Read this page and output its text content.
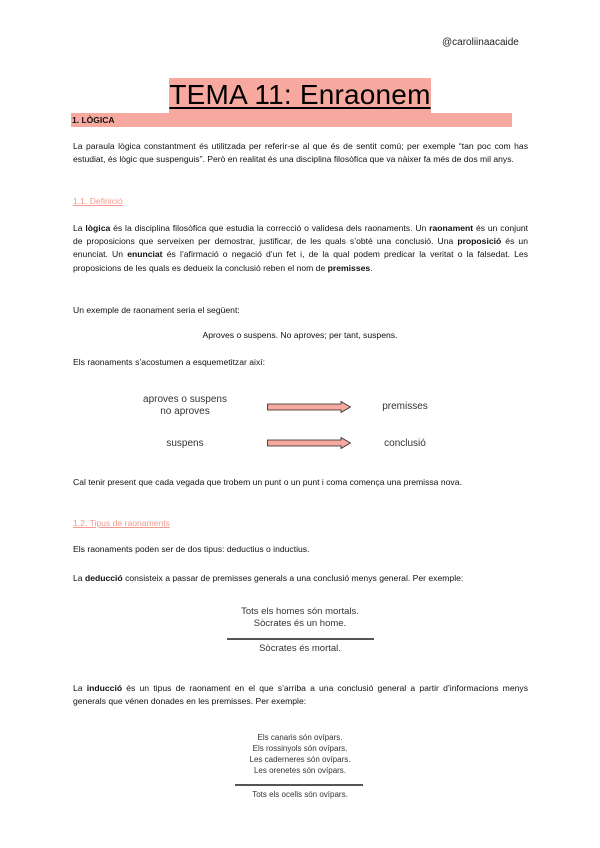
@caroliinaacaide
TEMA 11: Enraonem
1. LÒGICA
La paraula lògica constantment és utilitzada per referir-se al que és de sentit comú; per exemple “tan poc com has estudiat, és lògic que suspenguis”. Però en realitat és una disciplina filosòfica que va nàixer fa més de dos mil anys.
1.1. Definició
La lògica és la disciplina filosòfica que estudia la correcció o validesa dels raonaments. Un raonament és un conjunt de proposicions que serveixen per demostrar, justificar, de les quals s’obté una conclusió. Una proposició és un enunciat. Un enunciat és l’afirmació o negació d’un fet i, de la qual podem predicar la veritat o la falsedat. Les proposicions de les quals es dedueix la conclusió reben el nom de premisses.
Un exemple de raonament seria el següent:
Aproves o suspens. No aproves; per tant, suspens.
Els raonaments s’acostumen a esquemetitzar així:
aproves o suspens
no aproves	premisses
suspens	conclusió
Cal tenir present que cada vegada que trobem un punt o un punt i coma comença una premissa nova.
1.2. Tipus de raonaments
Els raonaments poden ser de dos tipus: deductius o inductius.
La deducció consisteix a passar de premisses generals a una conclusió menys general. Per exemple:
Tots els homes són mortals.
Sòcrates és un home.
Sòcrates és mortal.
La inducció és un tipus de raonament en el que s’arriba a una conclusió general a partir d’informacions menys generals que vénen donades en les premisses. Per exemple:
Els canaris són ovípars.
Els rossinyols són ovípars.
Les caderneres són ovípars.
Les orenetes són ovípars.
Tots els ocells són ovípars.
